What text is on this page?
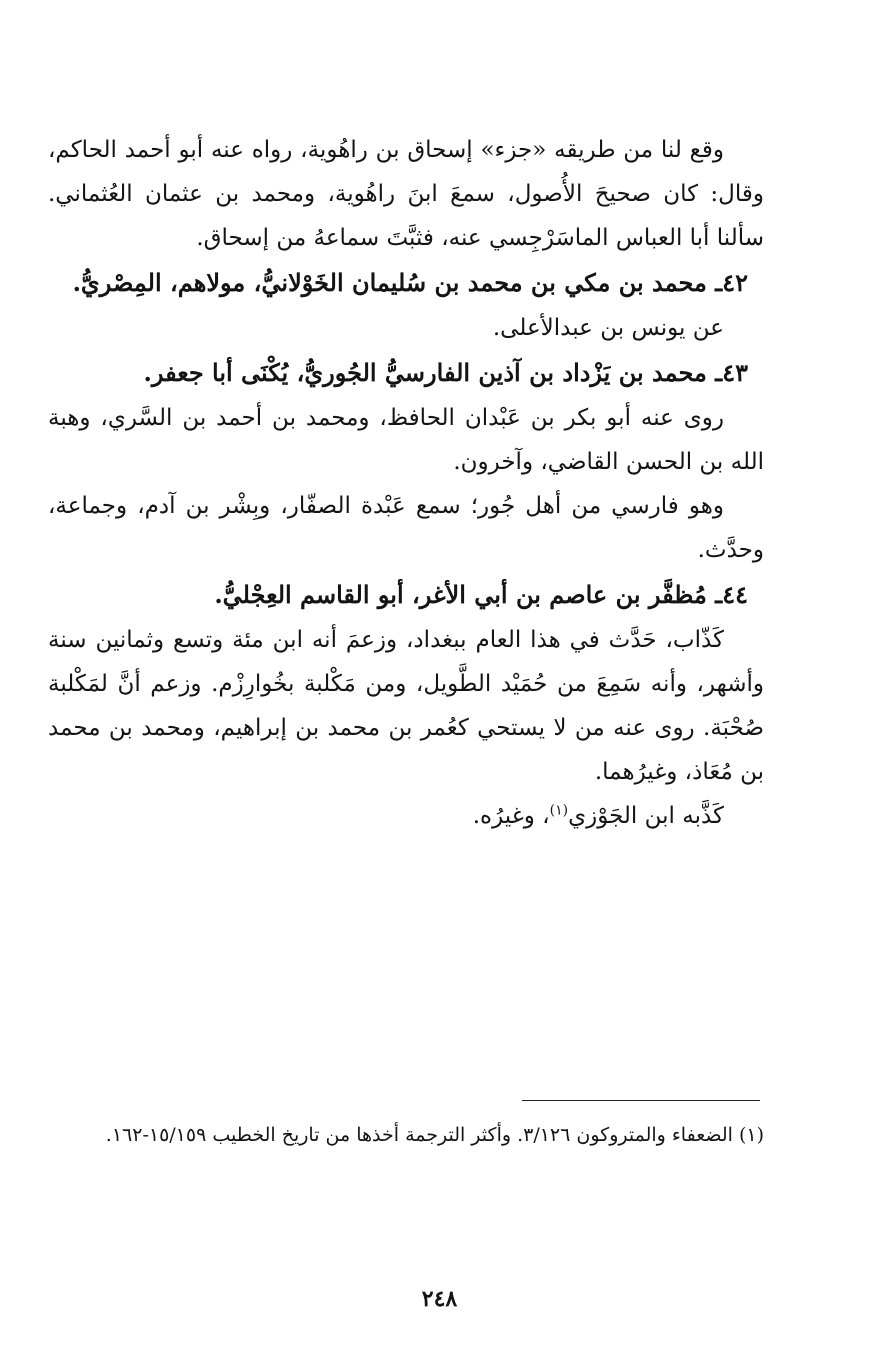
وقع لنا من طريقه «جزء» إسحاق بن راهُوية، رواه عنه أبو أحمد الحاكم، وقال: كان صحيحَ الأُصول، سمعَ ابنَ راهُوية، ومحمد بن عثمان العُثماني. سألنا أبا العباس الماسَرْجِسي عنه، فثبَّتَ سماعهُ من إسحاق.

٤٢ـ محمد بن مكي بن محمد بن سُليمان الخَوْلانيُّ، مولاهم، المِصْريُّ.

عن يونس بن عبدالأعلى.

٤٣ـ محمد بن يَزْداد بن آذين الفارسيُّ الجُوريُّ، يُكْنَى أبا جعفر.

روى عنه أبو بكر بن عَبْدان الحافظ، ومحمد بن أحمد بن السَّري، وهبة الله بن الحسن القاضي، وآخرون.

وهو فارسي من أهل جُور؛ سمع عَبْدة الصفّار، وبِشْر بن آدم، وجماعة، وحدَّث.

٤٤ـ مُظفَّر بن عاصم بن أبي الأغر، أبو القاسم العِجْليُّ.

كَذّاب، حَدَّث في هذا العام ببغداد، وزعمَ أنه ابن مئة وتسع وثمانين سنة وأشهر، وأنه سَمِعَ من حُمَيْد الطَّويل، ومن مَكْلبة بخُوارِزْم. وزعم أنَّ لمَكْلبة صُحْبَة. روى عنه من لا يستحي كعُمر بن محمد بن إبراهيم، ومحمد بن محمد بن مُعَاذ، وغيرُهما.

كَذَّبه ابن الجَوْزي$^{(١)}$، وغيرُه.

(١) الضعفاء والمتروكون ٣/١٢٦. وأكثر الترجمة أخذها من تاريخ الخطيب ١٥/١٥٩-١٦٢.

٢٤٨
